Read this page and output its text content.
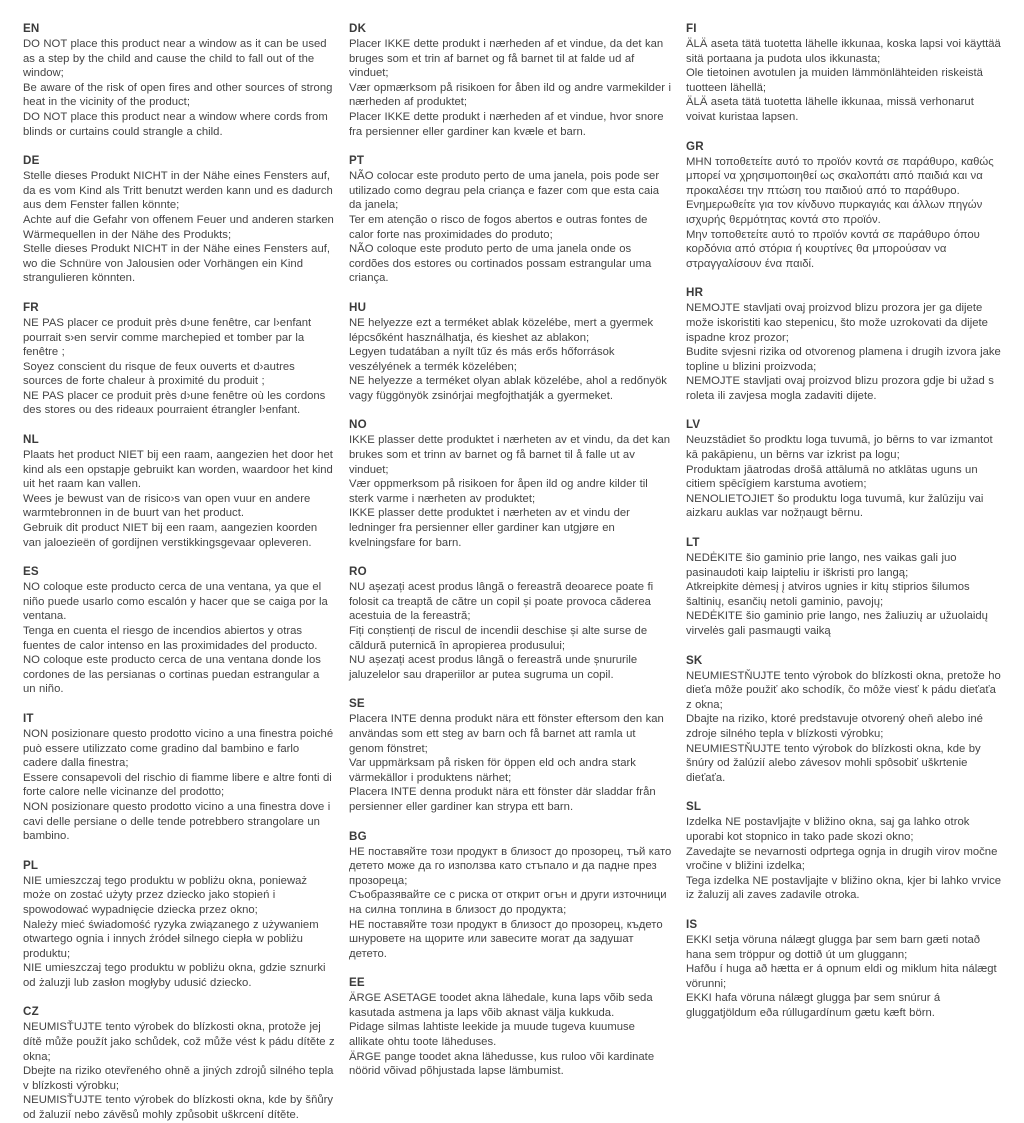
EN

DO NOT place this product near a window as it can be used as a step by the child and cause the child to fall out of the window;

Be aware of the risk of open fires and other sources of strong heat in the vicinity of the product;

DO NOT place this product near a window where cords from blinds or curtains could strangle a child.

DE

Stelle dieses Produkt NICHT in der Nähe eines Fensters auf, da es vom Kind als Tritt benutzt werden kann und es dadurch aus dem Fenster fallen könnte;

Achte auf die Gefahr von offenem Feuer und anderen starken Wärmequellen in der Nähe des Produkts;

Stelle dieses Produkt NICHT in der Nähe eines Fensters auf, wo die Schnüre von Jalousien oder Vorhängen ein Kind strangulieren könnten.

FR

NE PAS placer ce produit près d›une fenêtre, car l›enfant pourrait s›en servir comme marchepied et tomber par la fenêtre ;

Soyez conscient du risque de feux ouverts et d›autres sources de forte chaleur à proximité du produit ;

NE PAS placer ce produit près d›une fenêtre où les cordons des stores ou des rideaux pourraient étrangler l›enfant.

NL

Plaats het product NIET bij een raam, aangezien het door het kind als een opstapje gebruikt kan worden, waardoor het kind uit het raam kan vallen.

Wees je bewust van de risico›s van open vuur en andere warmtebronnen in de buurt van het product.

Gebruik dit product NIET bij een raam, aangezien koorden van jaloezieën of gordijnen verstikkingsgevaar opleveren.

ES

NO coloque este producto cerca de una ventana, ya que el niño puede usarlo como escalón y hacer que se caiga por la ventana.

Tenga en cuenta el riesgo de incendios abiertos y otras fuentes de calor intenso en las proximidades del producto.

NO coloque este producto cerca de una ventana donde los cordones de las persianas o cortinas puedan estrangular a un niño.

IT

NON posizionare questo prodotto vicino a una finestra poiché può essere utilizzato come gradino dal bambino e farlo cadere dalla finestra;

Essere consapevoli del rischio di fiamme libere e altre fonti di forte calore nelle vicinanze del prodotto;

NON posizionare questo prodotto vicino a una finestra dove i cavi delle persiane o delle tende potrebbero strangolare un bambino.

PL

NIE umieszczaj tego produktu w pobliżu okna, ponieważ może on zostać użyty przez dziecko jako stopień i spowodować wypadnięcie dziecka przez okno;

Należy mieć świadomość ryzyka związanego z używaniem otwartego ognia i innych źródeł silnego ciepła w pobliżu produktu;

NIE umieszczaj tego produktu w pobliżu okna, gdzie sznurki od żaluzji lub zasłon mogłyby udusić dziecko.

CZ

NEUMISŤUJTE tento výrobek do blízkosti okna, protože jej dítě může použít jako schůdek, což může vést k pádu dítěte z okna;

Dbejte na riziko otevřeného ohně a jiných zdrojů silného tepla v blízkosti výrobku;

NEUMISŤUJTE tento výrobek do blízkosti okna, kde by šňůry od žaluzií nebo závěsů mohly způsobit uškrcení dítěte.

DK

Placer IKKE dette produkt i nærheden af et vindue, da det kan bruges som et trin af barnet og få barnet til at falde ud af vinduet;

Vær opmærksom på risikoen for åben ild og andre varmekilder i nærheden af produktet;

Placer IKKE dette produkt i nærheden af et vindue, hvor snore fra persienner eller gardiner kan kvæle et barn.

PT

NÃO colocar este produto perto de uma janela, pois pode ser utilizado como degrau pela criança e fazer com que esta caia da janela;

Ter em atenção o risco de fogos abertos e outras fontes de calor forte nas proximidades do produto;

NÃO coloque este produto perto de uma janela onde os cordões dos estores ou cortinados possam estrangular uma criança.

HU

NE helyezze ezt a terméket ablak közelébe, mert a gyermek lépcsőként használhatja, és kieshet az ablakon;

Legyen tudatában a nyílt tűz és más erős hőforrások veszélyének a termék közelében;

NE helyezze a terméket olyan ablak közelébe, ahol a redőnyök vagy függönyök zsinórjai megfojthatják a gyermeket.

NO

IKKE plasser dette produktet i nærheten av et vindu, da det kan brukes som et trinn av barnet og få barnet til å falle ut av vinduet;

Vær oppmerksom på risikoen for åpen ild og andre kilder til sterk varme i nærheten av produktet;

IKKE plasser dette produktet i nærheten av et vindu der ledninger fra persienner eller gardiner kan utgjøre en kvelningsfare for barn.

RO

NU așezați acest produs lângă o fereastră deoarece poate fi folosit ca treaptă de către un copil și poate provoca căderea acestuia de la fereastră;

Fiți conștienți de riscul de incendii deschise și alte surse de căldură puternică în apropierea produsului;

NU așezați acest produs lângă o fereastră unde șnururile jaluzelelor sau draperiilor ar putea sugruma un copil.

SE

Placera INTE denna produkt nära ett fönster eftersom den kan användas som ett steg av barn och få barnet att ramla ut genom fönstret;

Var uppmärksam på risken för öppen eld och andra stark värmekällor i produktens närhet;

Placera INTE denna produkt nära ett fönster där sladdar från persienner eller gardiner kan strypa ett barn.

BG

НЕ поставяйте този продукт в близост до прозорец, тъй като детето може да го използва като стъпало и да падне през прозореца;

Съобразявайте се с риска от открит огън и други източници на силна топлина в близост до продукта;

НЕ поставяйте този продукт в близост до прозорец, където шнуровете на щорите или завесите могат да задушат детето.

EE

ÄRGE ASETAGE toodet akna lähedale, kuna laps võib seda kasutada astmena ja laps võib aknast välja kukkuda.

Pidage silmas lahtiste leekide ja muude tugeva kuumuse allikate ohtu toote läheduses.

ÄRGE pange toodet akna lähedusse, kus ruloo või kardinate nöörid võivad põhjustada lapse lämbumist.

FI

ÄLÄ aseta tätä tuotetta lähelle ikkunaa, koska lapsi voi käyttää sitä portaana ja pudota ulos ikkunasta;

Ole tietoinen avotulen ja muiden lämmönlähteiden riskeistä tuotteen lähellä;

ÄLÄ aseta tätä tuotetta lähelle ikkunaa, missä verhonarut voivat kuristaa lapsen.

GR

ΜΗΝ τοποθετείτε αυτό το προϊόν κοντά σε παράθυρο, καθώς μπορεί να χρησιμοποιηθεί ως σκαλοπάτι από παιδιά και να προκαλέσει την πτώση του παιδιού από το παράθυρο.

Ενημερωθείτε για τον κίνδυνο πυρκαγιάς και άλλων πηγών ισχυρής θερμότητας κοντά στο προϊόν.

Μην τοποθετείτε αυτό το προϊόν κοντά σε παράθυρο όπου κορδόνια από στόρια ή κουρτίνες θα μπορούσαν να στραγγαλίσουν ένα παιδί.

HR

NEMOJTE stavljati ovaj proizvod blizu prozora jer ga dijete može iskoristiti kao stepenicu, što može uzrokovati da dijete ispadne kroz prozor;

Budite svjesni rizika od otvorenog plamena i drugih izvora jake topline u blizini proizvoda;

NEMOJTE stavljati ovaj proizvod blizu prozora gdje bi užad s roleta ili zavjesa mogla zadaviti dijete.

LV

Neuzstādiet šo prodktu loga tuvumā, jo bērns to var izmantot kā pakāpienu, un bērns var izkrist pa logu;

Produktam jāatrodas drošā attālumā no atklātas uguns un citiem spēcīgiem karstuma avotiem;

NENOLIETOJIET šo produktu loga tuvumā, kur žalūziju vai aizkaru auklas var nožņaugt bērnu.

LT

NEDĖKITE šio gaminio prie lango, nes vaikas gali juo pasinaudoti kaip laipteliu ir iškristi pro langą;

Atkreipkite dėmesį į atviros ugnies ir kitų stiprios šilumos šaltinių, esančių netoli gaminio, pavojų;

NEDĖKITE šio gaminio prie lango, nes žaliuzių ar užuolaidų virvelės gali pasmaugti vaiką

SK

NEUMIESTŇUJTE tento výrobok do blízkosti okna, pretože ho dieťa môže použiť ako schodík, čo môže viesť k pádu dieťaťa z okna;

Dbajte na riziko, ktoré predstavuje otvorený oheň alebo iné zdroje silného tepla v blízkosti výrobku;

NEUMIESTŇUJTE tento výrobok do blízkosti okna, kde by šnúry od žalúzií alebo závesov mohli spôsobiť uškrtenie dieťaťa.

SL

Izdelka NE postavljajte v bližino okna, saj ga lahko otrok uporabi kot stopnico in tako pade skozi okno;

Zavedajte se nevarnosti odprtega ognja in drugih virov močne vročine v bližini izdelka;

Tega izdelka NE postavljajte v bližino okna, kjer bi lahko vrvice iz žaluzij ali zaves zadavile otroka.

IS

EKKI setja vöruna nálægt glugga þar sem barn gæti notað hana sem tröppur og dottið út um gluggann;

Hafðu í huga að hætta er á opnum eldi og miklum hita nálægt vörunni;

EKKI hafa vöruna nálægt glugga þar sem snúrur á gluggatjöldum eða rúllugardínum gætu kæft börn.
